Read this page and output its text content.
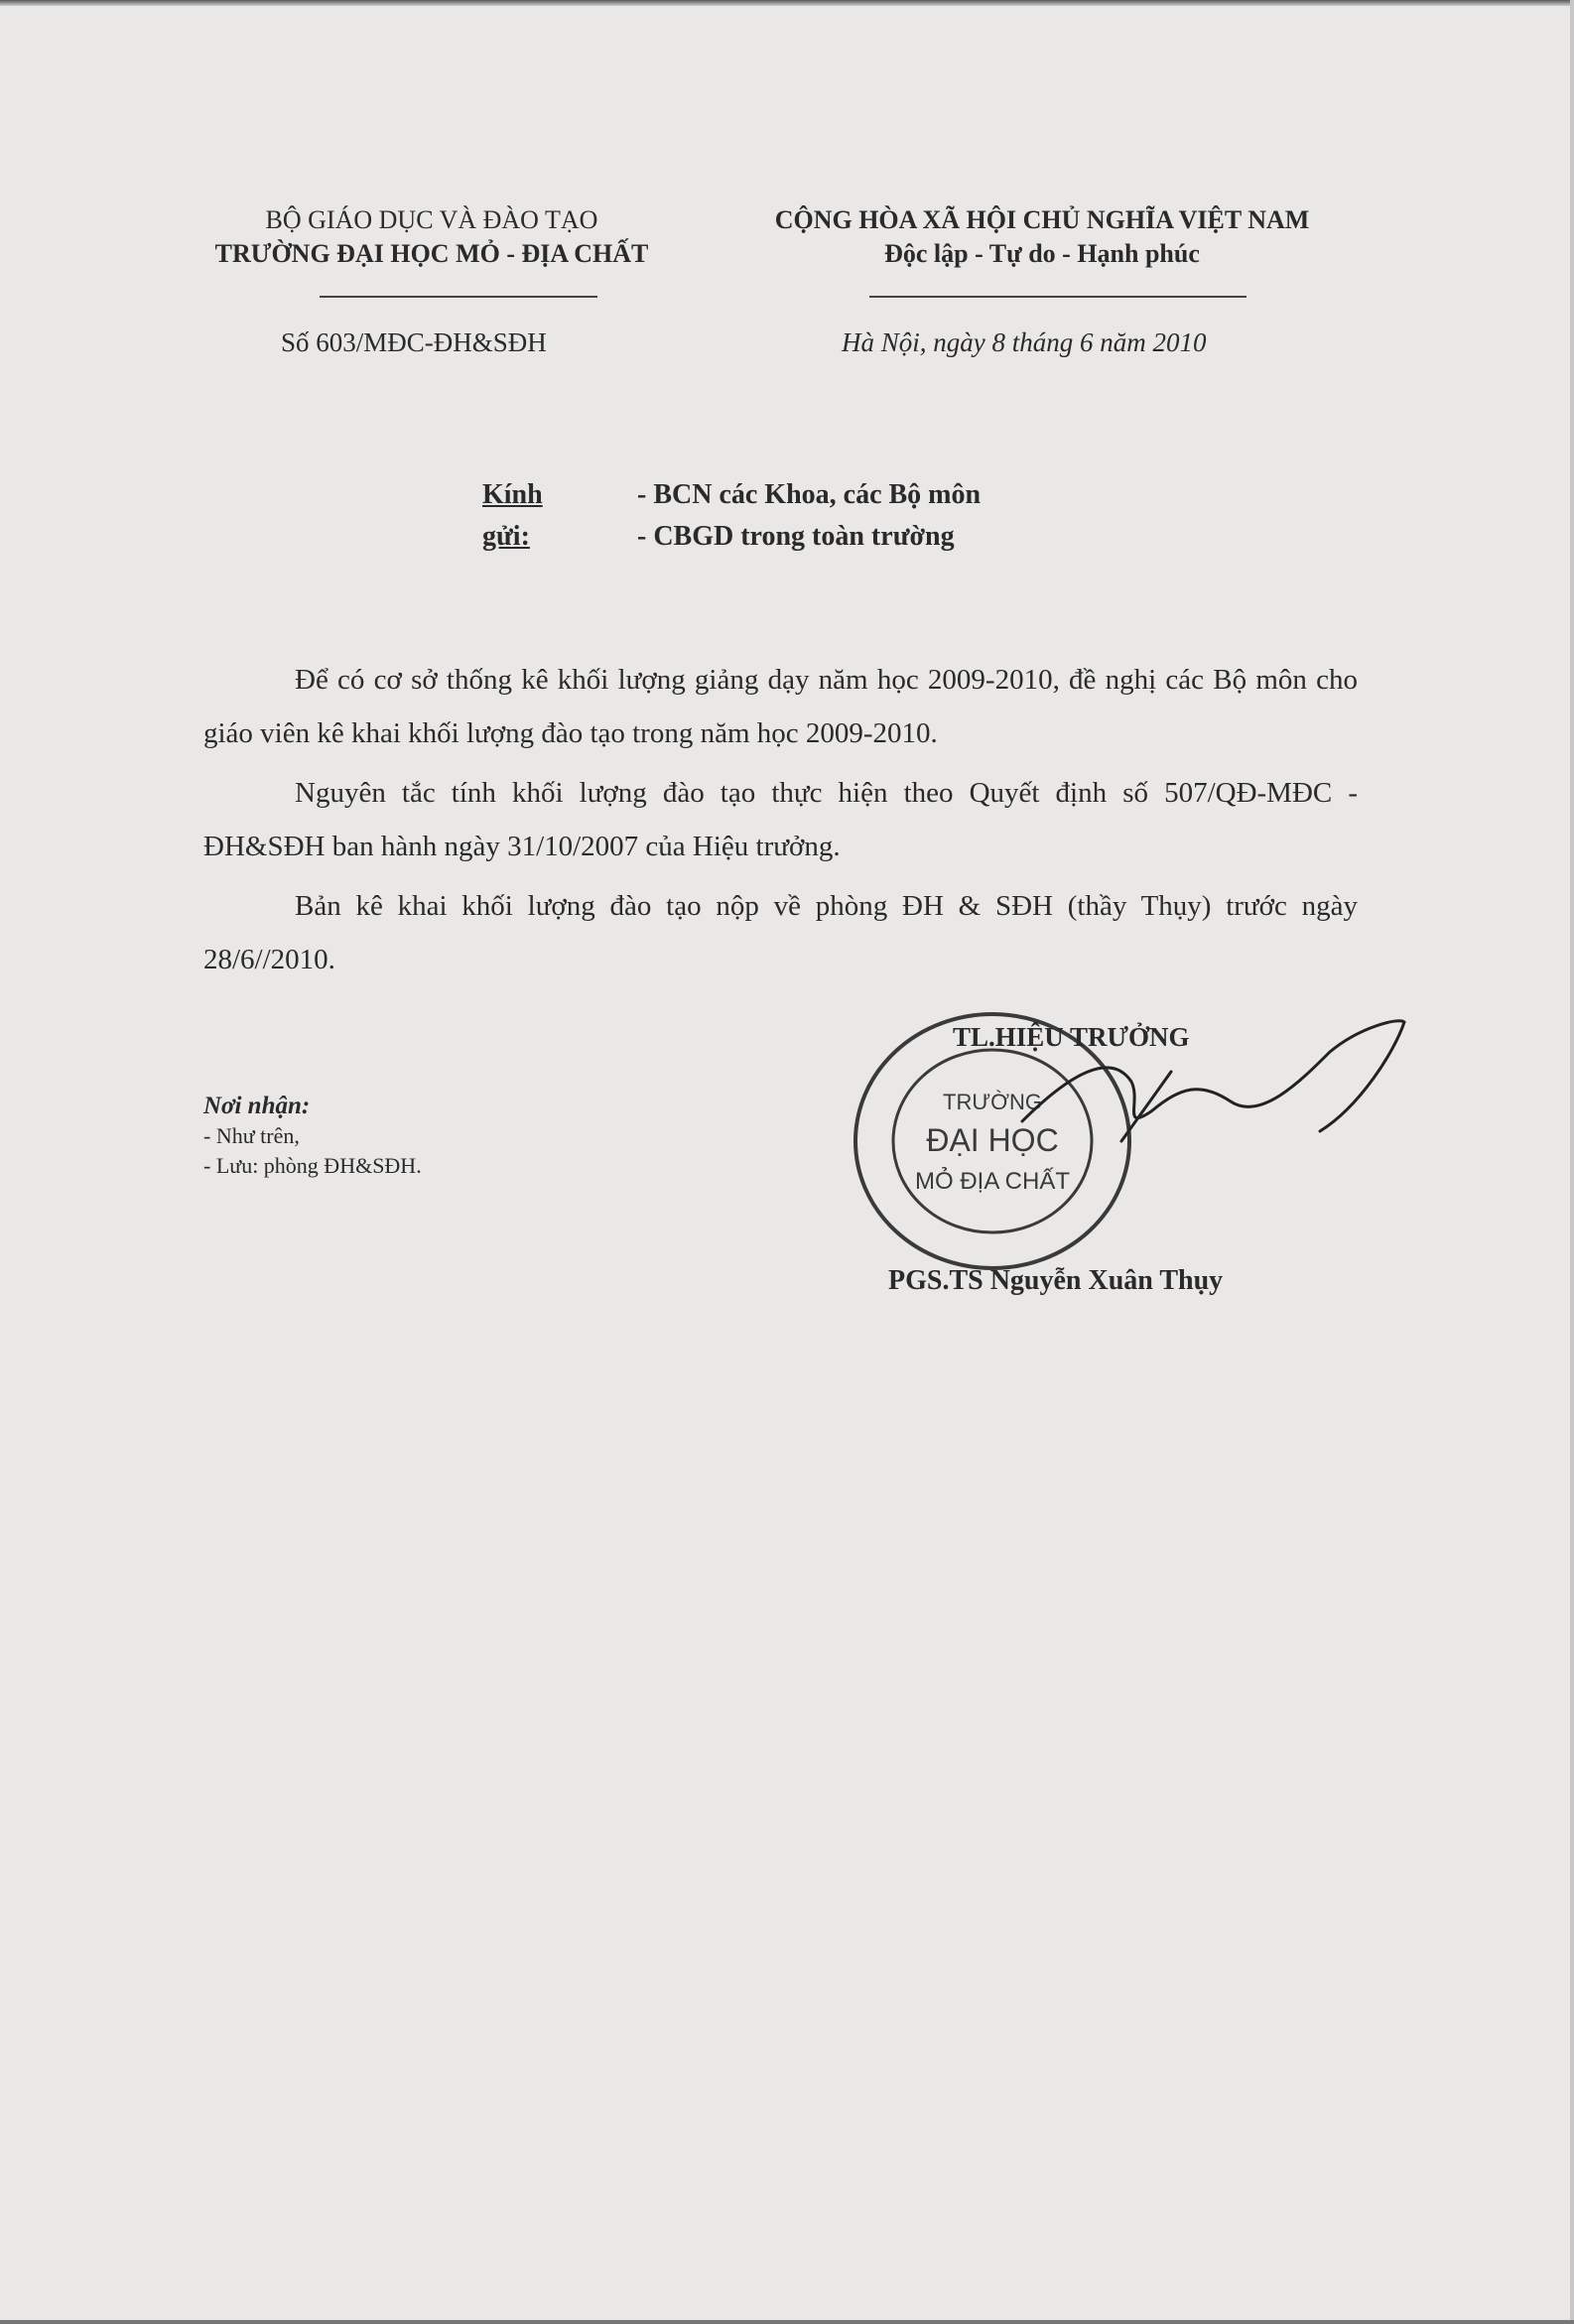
BỘ GIÁO DỤC VÀ ĐÀO TẠO
TRƯỜNG ĐẠI HỌC MỎ - ĐỊA CHẤT
CỘNG HÒA XÃ HỘI CHỦ NGHĨA VIỆT NAM
Độc lập - Tự do - Hạnh phúc
Số 603/MĐC-ĐH&SĐH	Hà Nội, ngày 8 tháng 6 năm 2010
Kính gửi:
- BCN các Khoa, các Bộ môn
- CBGD trong toàn trường

Để có cơ sở thống kê khối lượng giảng dạy năm học 2009-2010, đề nghị các Bộ môn cho giáo viên kê khai khối lượng đào tạo trong năm học 2009-2010.

Nguyên tắc tính khối lượng đào tạo thực hiện theo Quyết định số 507/QĐ-MĐC - ĐH&SĐH ban hành ngày 31/10/2007 của Hiệu trưởng.

Bản kê khai khối lượng đào tạo nộp về phòng ĐH & SĐH (thầy Thụy) trước ngày 28/6//2010.

Nơi nhận:
- Như trên,
- Lưu: phòng ĐH&SĐH.
TRƯỜNG
ĐẠI HỌC
MỎ ĐỊA CHẤT
TL.HIỆU TRƯỞNG
PGS.TS Nguyễn Xuân Thụy
